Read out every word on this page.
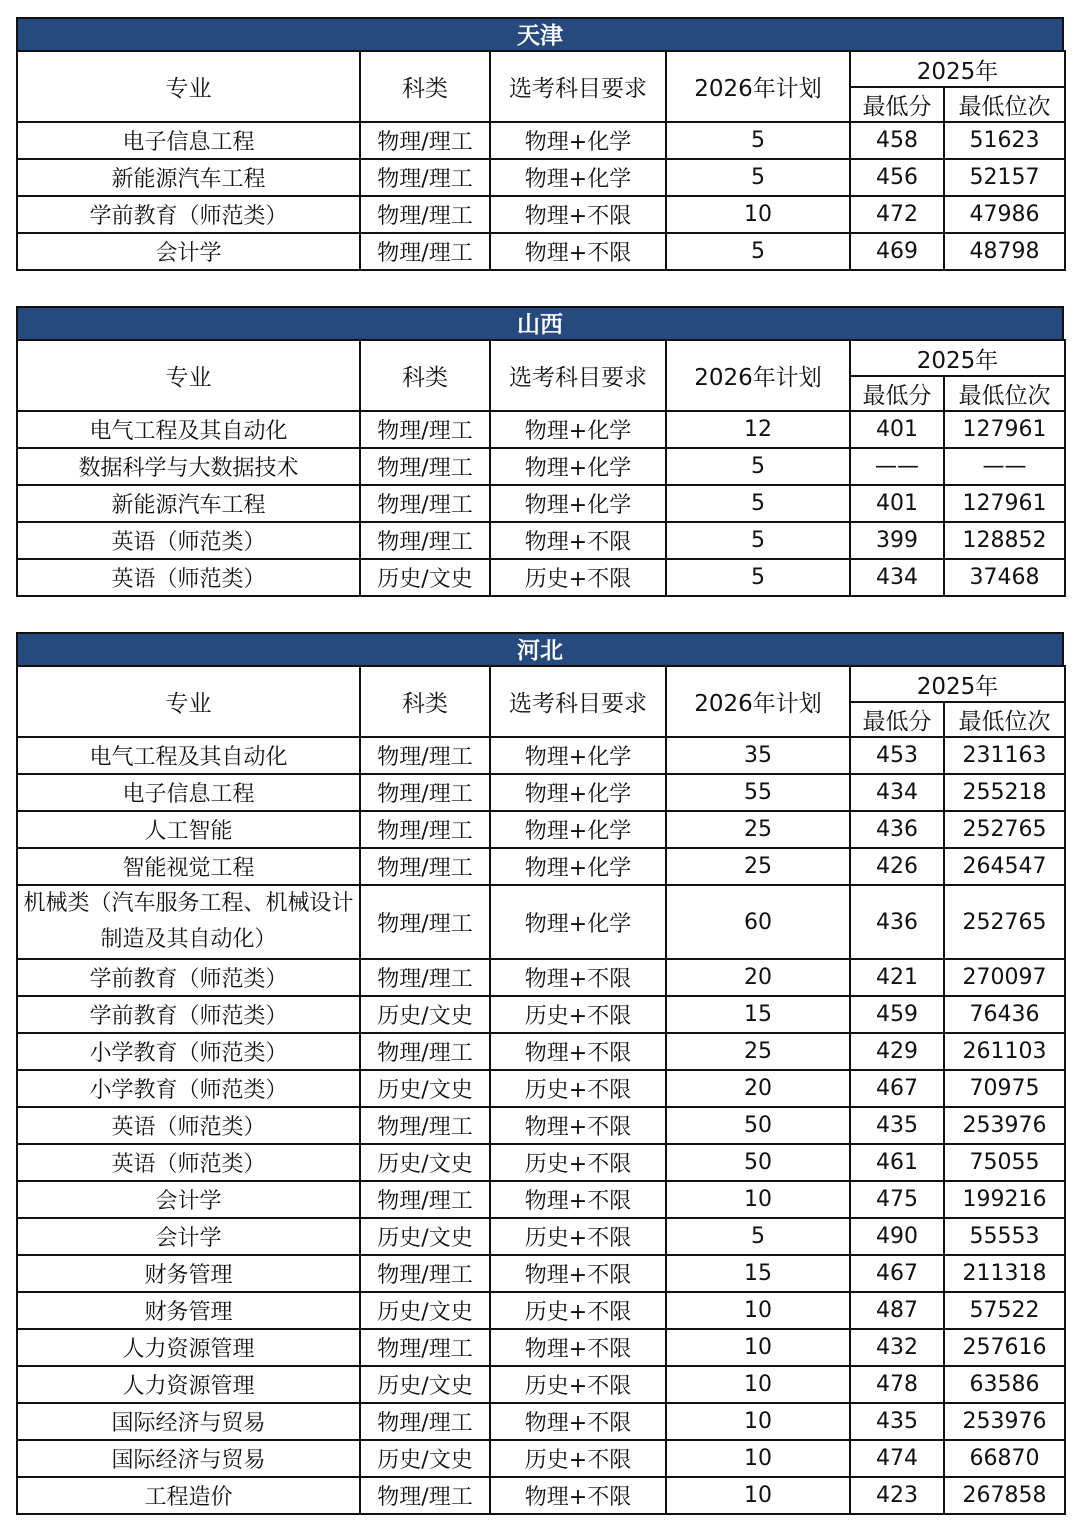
天津
专业	科类	选考科目要求	2026年计划	2025年	
				最低分	最低位次
电子信息工程	物理/理工	物理+化学	5	458	51623
新能源汽车工程	物理/理工	物理+化学	5	456	52157
学前教育（师范类）	物理/理工	物理+不限	10	472	47986
会计学	物理/理工	物理+不限	5	469	48798
山西
专业	科类	选考科目要求	2026年计划	2025年	
				最低分	最低位次
电气工程及其自动化	物理/理工	物理+化学	12	401	127961
数据科学与大数据技术	物理/理工	物理+化学	5	——	——
新能源汽车工程	物理/理工	物理+化学	5	401	127961
英语（师范类）	物理/理工	物理+不限	5	399	128852
英语（师范类）	历史/文史	历史+不限	5	434	37468
河北
专业	科类	选考科目要求	2026年计划	2025年	
				最低分	最低位次
电气工程及其自动化	物理/理工	物理+化学	35	453	231163
电子信息工程	物理/理工	物理+化学	55	434	255218
人工智能	物理/理工	物理+化学	25	436	252765
智能视觉工程	物理/理工	物理+化学	25	426	264547
机械类（汽车服务工程、机械设计制造及其自动化）	物理/理工	物理+化学	60	436	252765
学前教育（师范类）	物理/理工	物理+不限	20	421	270097
学前教育（师范类）	历史/文史	历史+不限	15	459	76436
小学教育（师范类）	物理/理工	物理+不限	25	429	261103
小学教育（师范类）	历史/文史	历史+不限	20	467	70975
英语（师范类）	物理/理工	物理+不限	50	435	253976
英语（师范类）	历史/文史	历史+不限	50	461	75055
会计学	物理/理工	物理+不限	10	475	199216
会计学	历史/文史	历史+不限	5	490	55553
财务管理	物理/理工	物理+不限	15	467	211318
财务管理	历史/文史	历史+不限	10	487	57522
人力资源管理	物理/理工	物理+不限	10	432	257616
人力资源管理	历史/文史	历史+不限	10	478	63586
国际经济与贸易	物理/理工	物理+不限	10	435	253976
国际经济与贸易	历史/文史	历史+不限	10	474	66870
工程造价	物理/理工	物理+不限	10	423	267858
